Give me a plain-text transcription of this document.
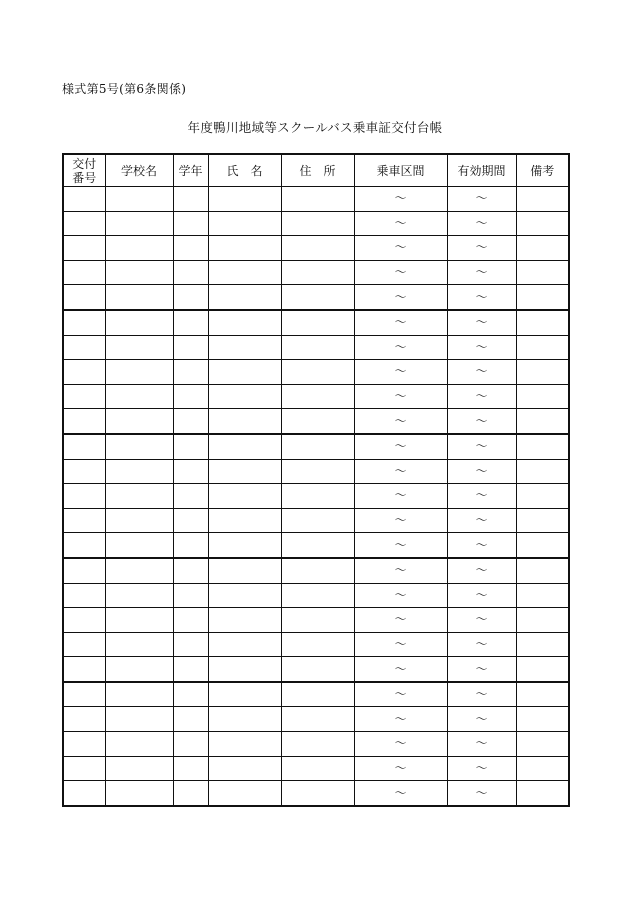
様式第5号(第6条関係)
年度鴨川地域等スクールバス乗車証交付台帳
交付
番号	学校名	学年	氏　名	住　所	乗車区間	有効期間	備考
					～	～	
					～	～	
					～	～	
					～	～	
					～	～	
					～	～	
					～	～	
					～	～	
					～	～	
					～	～	
					～	～	
					～	～	
					～	～	
					～	～	
					～	～	
					～	～	
					～	～	
					～	～	
					～	～	
					～	～	
					～	～	
					～	～	
					～	～	
					～	～	
					～	～	
